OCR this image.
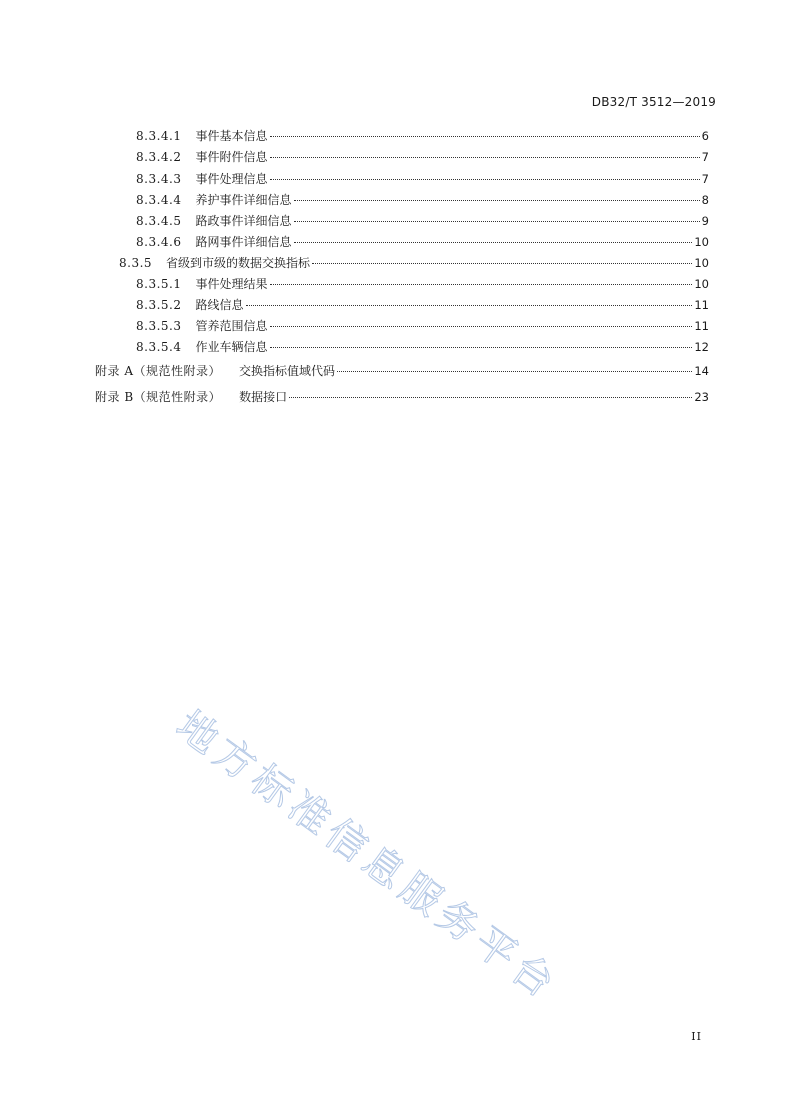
DB32/T 3512—2019
8.3.4.1 事件基本信息	6
8.3.4.2 事件附件信息	7
8.3.4.3 事件处理信息	7
8.3.4.4 养护事件详细信息	8
8.3.4.5 路政事件详细信息	9
8.3.4.6 路网事件详细信息	10
8.3.5 省级到市级的数据交换指标	10
8.3.5.1 事件处理结果	10
8.3.5.2 路线信息	11
8.3.5.3 管养范围信息	11
8.3.5.4 作业车辆信息	12
附录 A（规范性附录） 交换指标值域代码	14
附录 B（规范性附录） 数据接口	23
地方标准信息服务平台
II
